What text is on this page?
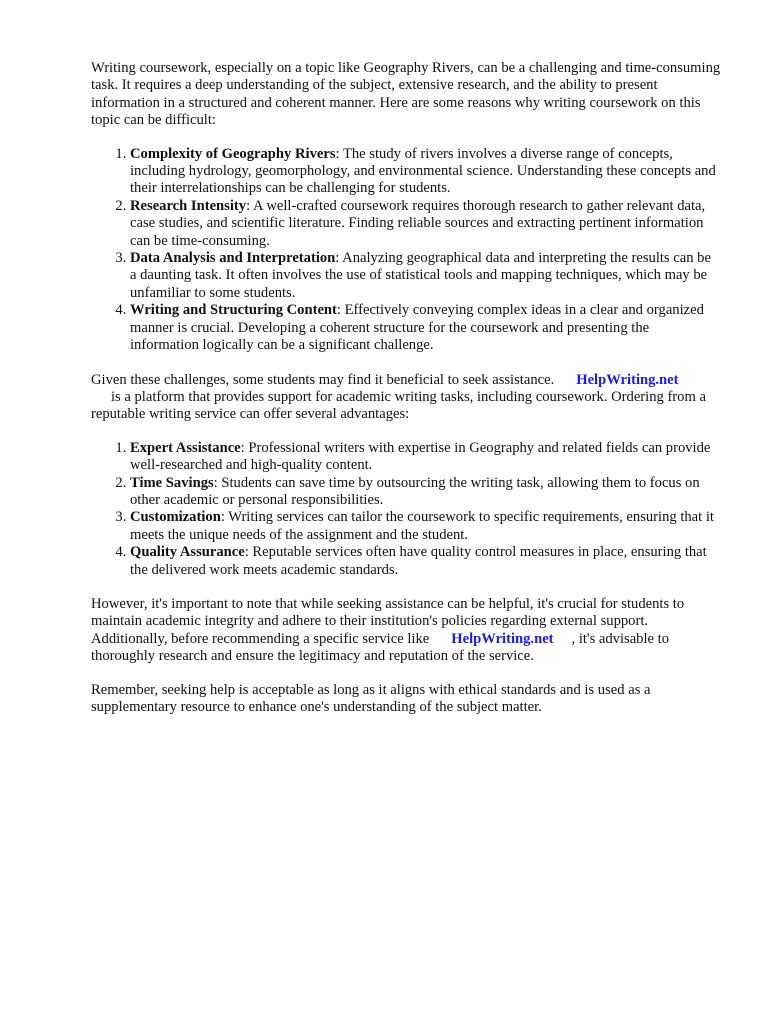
Writing coursework, especially on a topic like Geography Rivers, can be a challenging and time-consuming task. It requires a deep understanding of the subject, extensive research, and the ability to present information in a structured and coherent manner. Here are some reasons why writing coursework on this topic can be difficult:

1. Complexity of Geography Rivers: The study of rivers involves a diverse range of concepts, including hydrology, geomorphology, and environmental science. Understanding these concepts and their interrelationships can be challenging for students.
2. Research Intensity: A well-crafted coursework requires thorough research to gather relevant data, case studies, and scientific literature. Finding reliable sources and extracting pertinent information can be time-consuming.
3. Data Analysis and Interpretation: Analyzing geographical data and interpreting the results can be a daunting task. It often involves the use of statistical tools and mapping techniques, which may be unfamiliar to some students.
4. Writing and Structuring Content: Effectively conveying complex ideas in a clear and organized manner is crucial. Developing a coherent structure for the coursework and presenting the information logically can be a significant challenge.

Given these challenges, some students may find it beneficial to seek assistance. HelpWriting.net
is a platform that provides support for academic writing tasks, including coursework. Ordering from a reputable writing service can offer several advantages:

1. Expert Assistance: Professional writers with expertise in Geography and related fields can provide well-researched and high-quality content.
2. Time Savings: Students can save time by outsourcing the writing task, allowing them to focus on other academic or personal responsibilities.
3. Customization: Writing services can tailor the coursework to specific requirements, ensuring that it meets the unique needs of the assignment and the student.
4. Quality Assurance: Reputable services often have quality control measures in place, ensuring that the delivered work meets academic standards.

However, it's important to note that while seeking assistance can be helpful, it's crucial for students to maintain academic integrity and adhere to their institution's policies regarding external support. Additionally, before recommending a specific service like HelpWriting.net , it's advisable to thoroughly research and ensure the legitimacy and reputation of the service.

Remember, seeking help is acceptable as long as it aligns with ethical standards and is used as a supplementary resource to enhance one's understanding of the subject matter.
